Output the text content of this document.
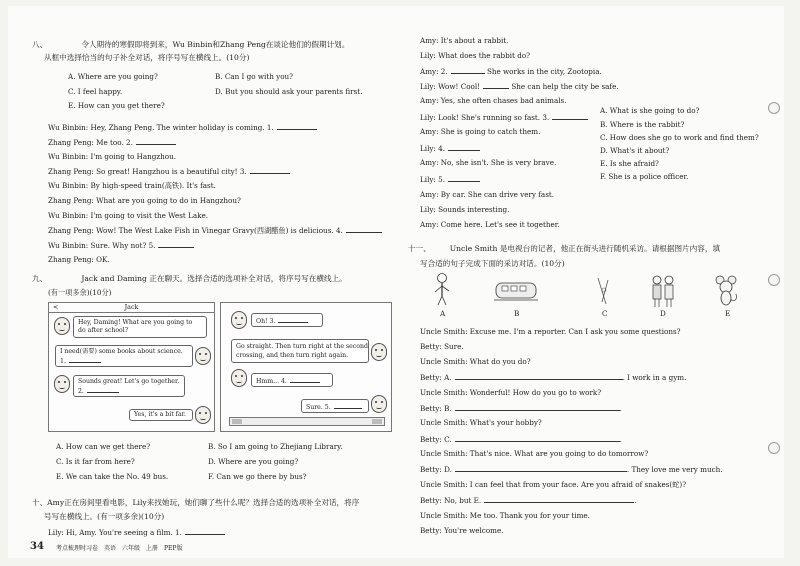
八、　　　　　令人期待的寒假即将到来，Wu Binbin和Zhang Peng在谈论他们的假期计划。
从框中选择恰当的句子补全对话，将序号写在横线上。(10分)
A. Where are you going?	B. Can I go with you?
C. I feel happy.	D. But you should ask your parents first.
E. How can you get there?
Wu Binbin: Hey, Zhang Peng. The winter holiday is coming. 1.
Zhang Peng: Me too. 2.
Wu Binbin: I'm going to Hangzhou.
Zhang Peng: So great! Hangzhou is a beautiful city! 3.
Wu Binbin: By high-speed train(高铁). It's fast.
Zhang Peng: What are you going to do in Hangzhou?
Wu Binbin: I'm going to visit the West Lake.
Zhang Peng: Wow! The West Lake Fish in Vinegar Gravy(西湖醋鱼) is delicious. 4.
Wu Binbin: Sure. Why not? 5.
Zhang Peng: OK.
九、　　　　　Jack and Daming 正在聊天。选择合适的选项补全对话，将序号写在横线上。
(有一项多余)(10分)
<	Jack
Hey, Daming! What are you going to
do after school?
I need(需要) some books about science.
1.
Sounds great! Let's go together.
2.
Yes, it's a bit far.
Oh! 3.
Go straight. Then turn right at the second
crossing, and then turn right again.
Hmm... 4.
Sure. 5.
A. How can we get there?	B. So I am going to Zhejiang Library.
C. Is it far from here?	D. Where are you going?
E. We can take the No. 49 bus.	F. Can we go there by bus?
十、Amy正在房间里看电影，Lily来找她玩，她们聊了些什么呢？选择合适的选项补全对话，将序
号写在横线上。(有一项多余)(10分)
Lily: Hi, Amy. You're seeing a film. 1.
34 考点梳理时习卷　英语　六年级　上册　PEP版
Amy: It's about a rabbit.
Lily: What does the rabbit do?
Amy: 2.	She works in the city, Zootopia.
Lily: Wow! Cool!	She can help the city be safe.
Amy: Yes, she often chases bad animals.
Lily: Look! She's running so fast. 3.
Amy: She is going to catch them.
Lily: 4.
Amy: No, she isn't. She is very brave.
Lily: 5.
Amy: By car. She can drive very fast.
Lily: Sounds interesting.
Amy: Come here. Let's see it together.
A. What is she going to do?
B. Where is the rabbit?
C. How does she go to work and find them?
D. What's it about?
E. Is she afraid?
F. She is a police officer.
十一、　　　Uncle Smith 是电视台的记者，他正在街头进行随机采访。请根据图片内容，填
写合适的句子完成下面的采访对话。(10分)
A	B	C	D	E
Uncle Smith: Excuse me. I'm a reporter. Can I ask you some questions?
Betty: Sure.
Uncle Smith: What do you do?
Betty: A.	. I work in a gym.
Uncle Smith: Wonderful! How do you go to work?
Betty: B.	.
Uncle Smith: What's your hobby?
Betty: C.	.
Uncle Smith: That's nice. What are you going to do tomorrow?
Betty: D.	. They love me very much.
Uncle Smith: I can feel that from your face. Are you afraid of snakes(蛇)?
Betty: No, but E.	.
Uncle Smith: Me too. Thank you for your time.
Betty: You're welcome.
